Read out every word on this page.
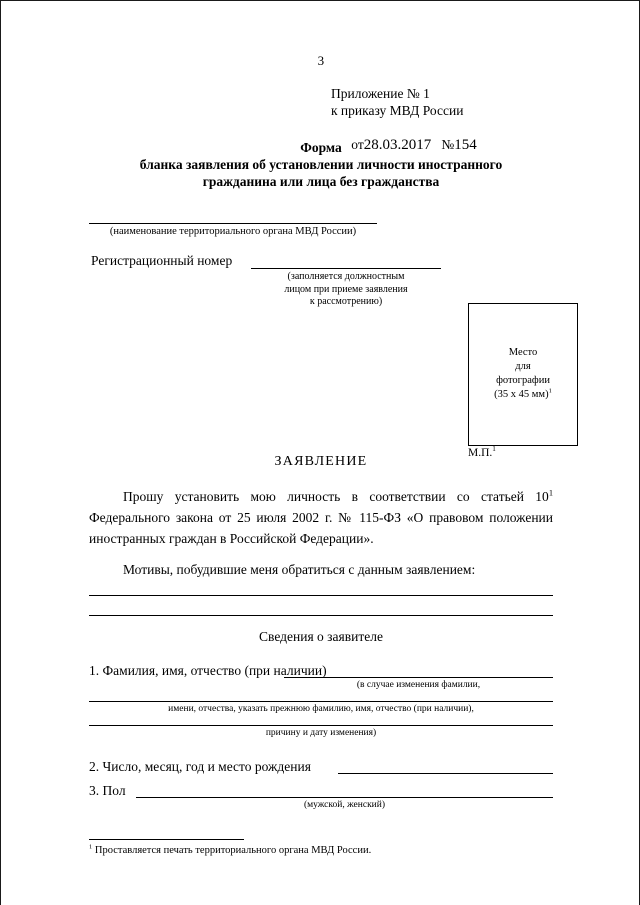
3
Приложение № 1
к приказу МВД России

от28.03.2017 №154

Форма
бланка заявления об установлении личности иностранного
гражданина или лица без гражданства
(наименование территориального органа МВД России)
Регистрационный номер
(заполняется должностным
лицом при приеме заявления
к рассмотрению)
Место
для
фотографии
(35 х 45 мм)$^1$
М.П.$^1$
ЗАЯВЛЕНИЕ
Прошу установить мою личность в соответствии со статьей $10^1$ Федерального закона от 25 июля 2002 г. № 115-ФЗ «О правовом положении иностранных граждан в Российской Федерации».
Мотивы, побудившие меня обратиться с данным заявлением:
Сведения о заявителе
1. Фамилия, имя, отчество (при наличии)
(в случае изменения фамилии,
имени, отчества, указать прежнюю фамилию, имя, отчество (при наличии),
причину и дату изменения)
2. Число, месяц, год и место рождения
3. Пол
(мужской, женский)
$^1$ Проставляется печать территориального органа МВД России.
